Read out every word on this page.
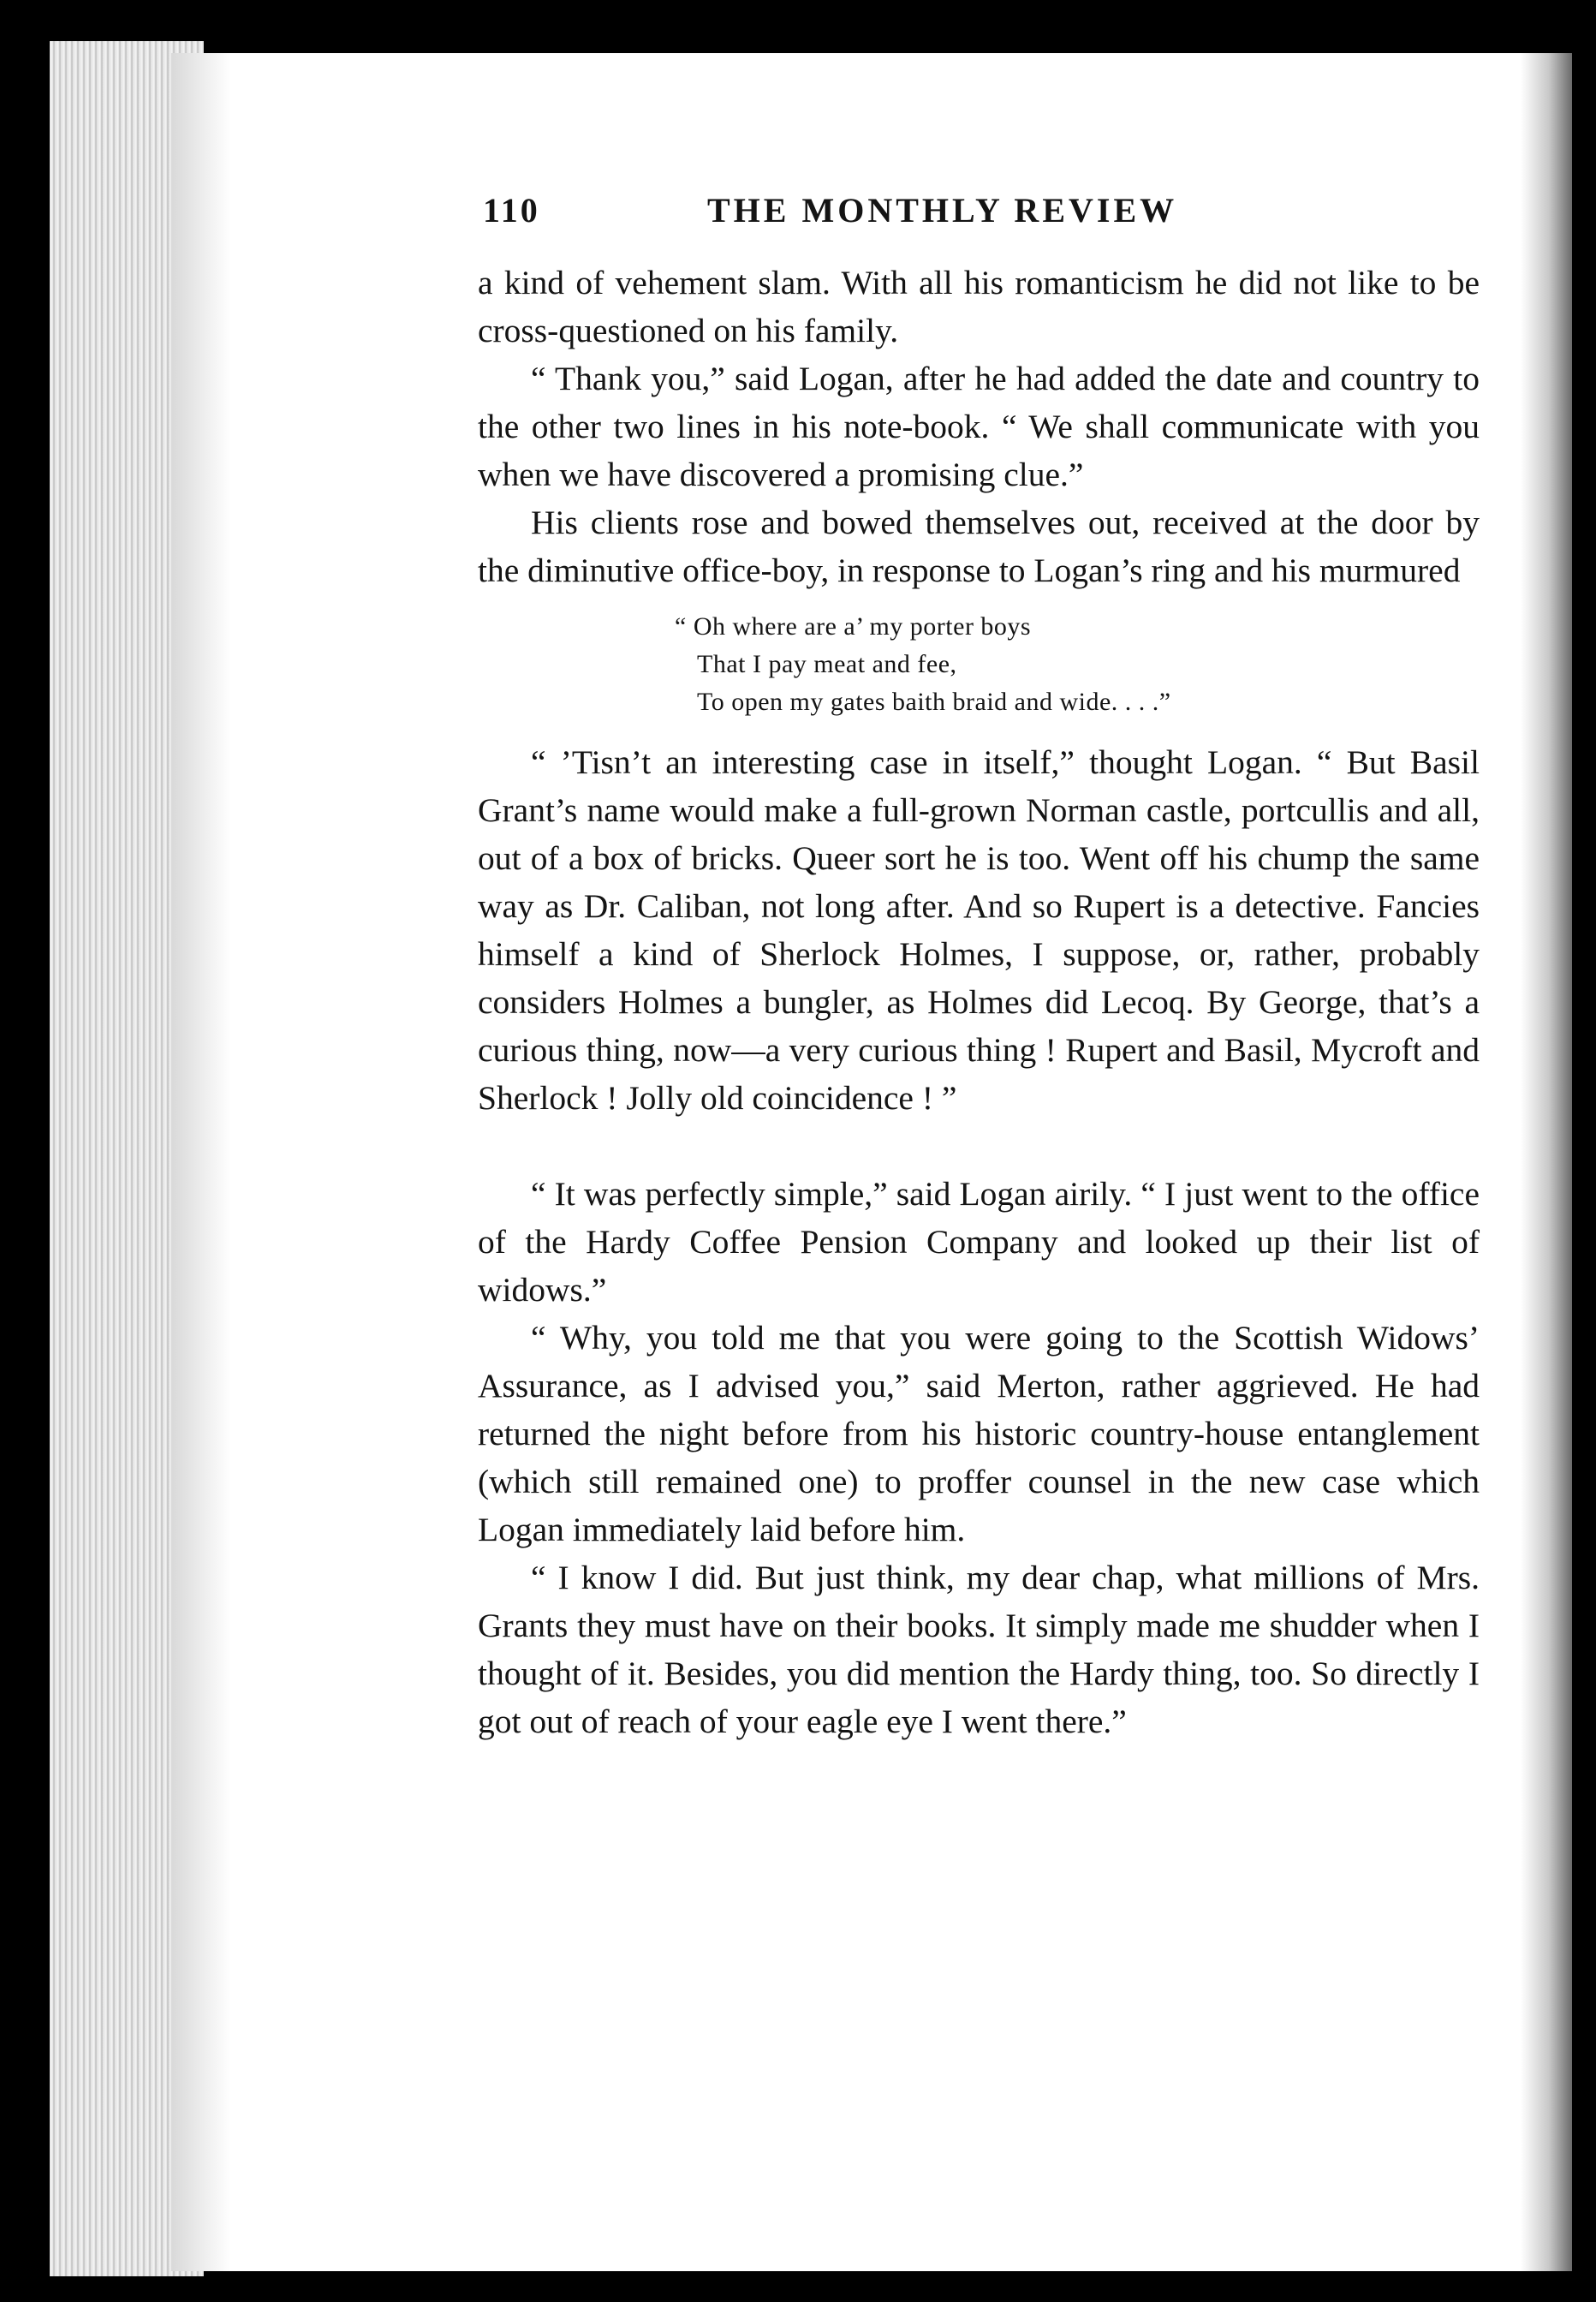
110	THE MONTHLY REVIEW

a kind of vehement slam. With all his romanticism he did not like to be cross-questioned on his family.

“ Thank you,” said Logan, after he had added the date and country to the other two lines in his note-book. “ We shall communicate with you when we have discovered a promising clue.”

His clients rose and bowed themselves out, received at the door by the diminutive office-boy, in response to Logan’s ring and his murmured

“ Oh where are a’ my porter boys
That I pay meat and fee,
To open my gates baith braid and wide. . . .”

“ ’Tisn’t an interesting case in itself,” thought Logan. “ But Basil Grant’s name would make a full-grown Norman castle, portcullis and all, out of a box of bricks. Queer sort he is too. Went off his chump the same way as Dr. Caliban, not long after. And so Rupert is a detective. Fancies himself a kind of Sherlock Holmes, I suppose, or, rather, probably considers Holmes a bungler, as Holmes did Lecoq. By George, that’s a curious thing, now—a very curious thing ! Rupert and Basil, Mycroft and Sherlock ! Jolly old coincidence ! ”

“ It was perfectly simple,” said Logan airily. “ I just went to the office of the Hardy Coffee Pension Company and looked up their list of widows.”

“ Why, you told me that you were going to the Scottish Widows’ Assurance, as I advised you,” said Merton, rather aggrieved. He had returned the night before from his historic country-house entanglement (which still remained one) to proffer counsel in the new case which Logan immediately laid before him.

“ I know I did. But just think, my dear chap, what millions of Mrs. Grants they must have on their books. It simply made me shudder when I thought of it. Besides, you did mention the Hardy thing, too. So directly I got out of reach of your eagle eye I went there.”
